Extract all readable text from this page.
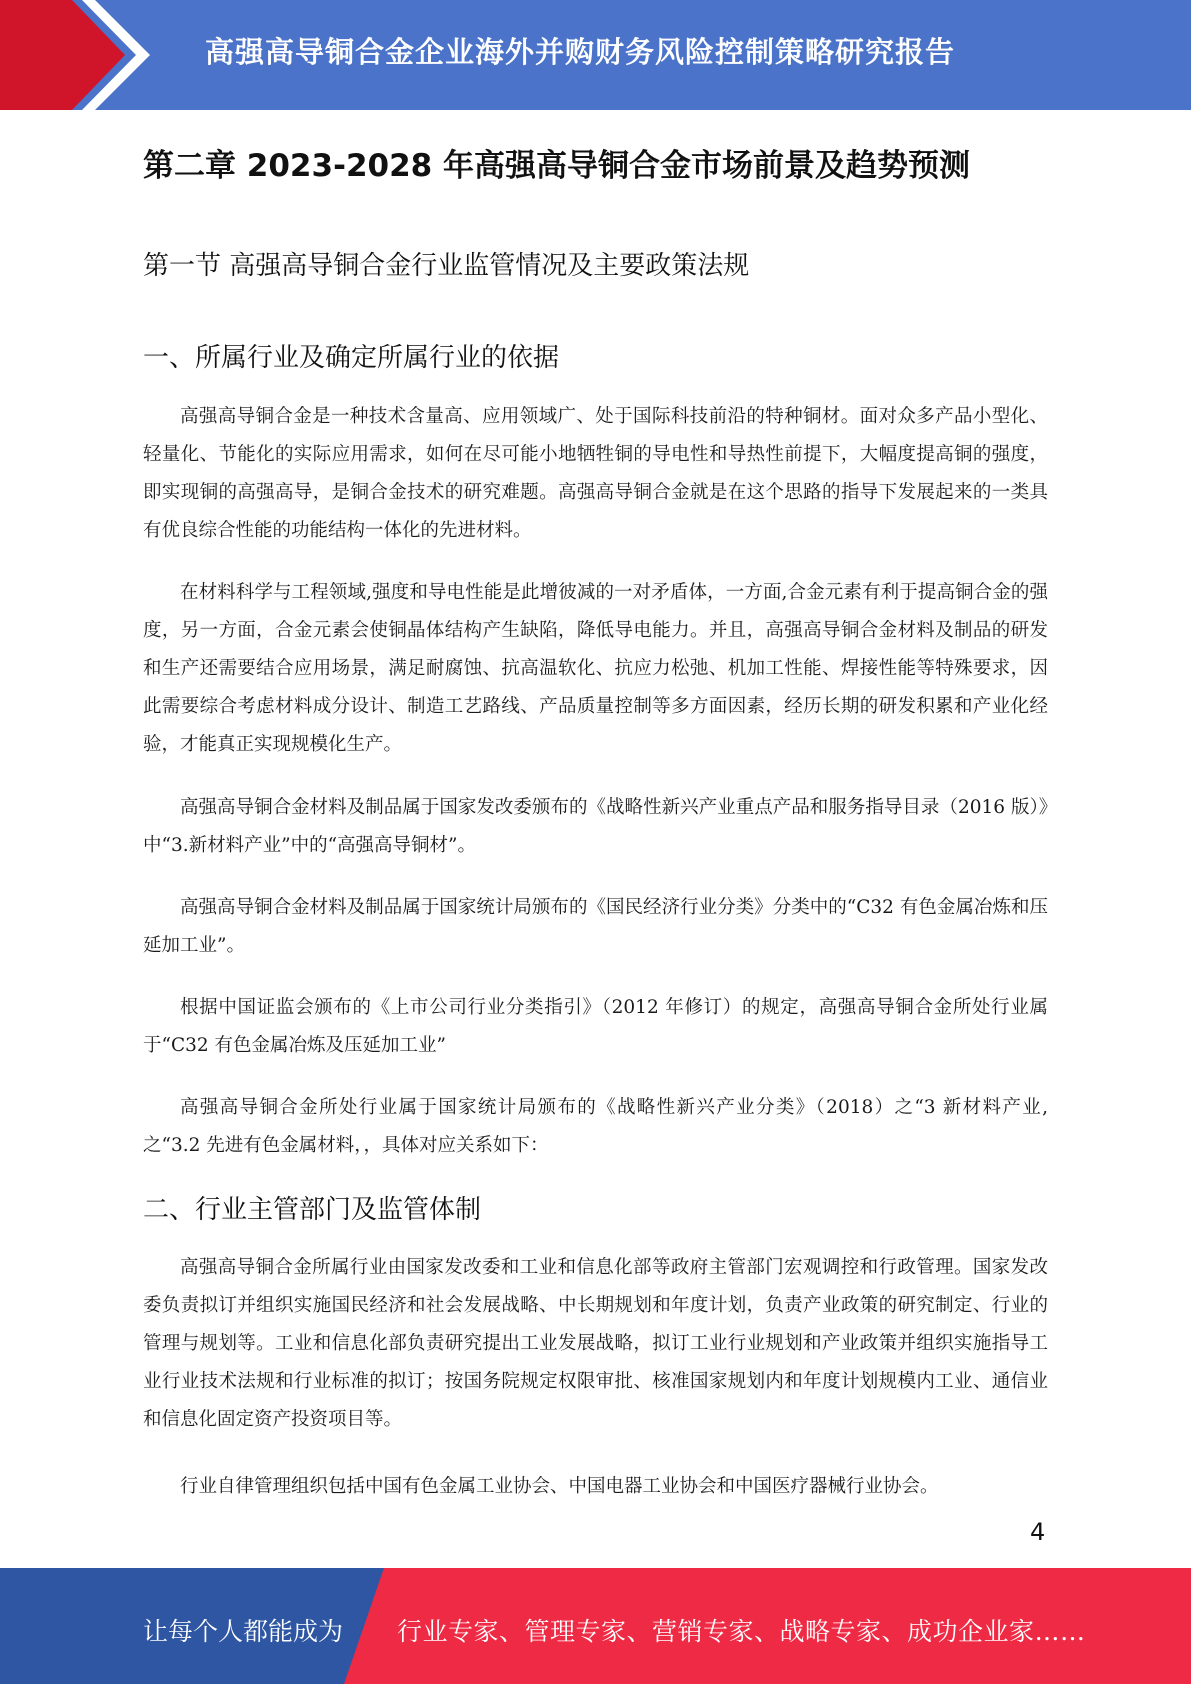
高强高导铜合金企业海外并购财务风险控制策略研究报告
第二章 2023-2028 年高强高导铜合金市场前景及趋势预测
第一节 高强高导铜合金行业监管情况及主要政策法规
一、所属行业及确定所属行业的依据

高强高导铜合金是一种技术含量高、应用领域广、处于国际科技前沿的特种铜材。面对众多产品小型化、轻量化、节能化的实际应用需求，如何在尽可能小地牺牲铜的导电性和导热性前提下，大幅度提高铜的强度，即实现铜的高强高导，是铜合金技术的研究难题。高强高导铜合金就是在这个思路的指导下发展起来的一类具有优良综合性能的功能结构一体化的先进材料。

在材料科学与工程领域,强度和导电性能是此增彼减的一对矛盾体，一方面,合金元素有利于提高铜合金的强度，另一方面，合金元素会使铜晶体结构产生缺陷，降低导电能力。并且，高强高导铜合金材料及制品的研发和生产还需要结合应用场景，满足耐腐蚀、抗高温软化、抗应力松弛、机加工性能、焊接性能等特殊要求，因此需要综合考虑材料成分设计、制造工艺路线、产品质量控制等多方面因素，经历长期的研发积累和产业化经验，才能真正实现规模化生产。

高强高导铜合金材料及制品属于国家发改委颁布的《战略性新兴产业重点产品和服务指导目录（2016 版）》中“3.新材料产业”中的“高强高导铜材”。

高强高导铜合金材料及制品属于国家统计局颁布的《国民经济行业分类》分类中的“C32 有色金属冶炼和压延加工业”。

根据中国证监会颁布的《上市公司行业分类指引》（2012 年修订）的规定，高强高导铜合金所处行业属于“C32 有色金属冶炼及压延加工业”

高强高导铜合金所处行业属于国家统计局颁布的《战略性新兴产业分类》（2018）之“3 新材料产业,之“3.2 先进有色金属材料，，具体对应关系如下：

二、行业主管部门及监管体制

高强高导铜合金所属行业由国家发改委和工业和信息化部等政府主管部门宏观调控和行政管理。国家发改委负责拟订并组织实施国民经济和社会发展战略、中长期规划和年度计划，负责产业政策的研究制定、行业的管理与规划等。工业和信息化部负责研究提出工业发展战略，拟订工业行业规划和产业政策并组织实施指导工业行业技术法规和行业标准的拟订；按国务院规定权限审批、核准国家规划内和年度计划规模内工业、通信业和信息化固定资产投资项目等。

行业自律管理组织包括中国有色金属工业协会、中国电器工业协会和中国医疗器械行业协会。

4
让每个人都能成为 行业专家、管理专家、营销专家、战略专家、成功企业家……
